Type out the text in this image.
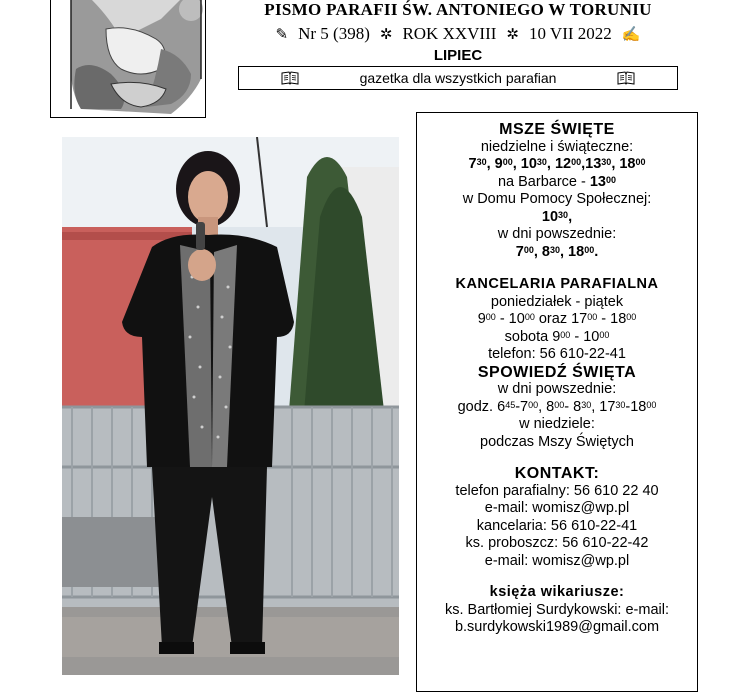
PISMO PARAFII ŚW. ANTONIEGO W TORUNIU
✎ Nr 5 (398) ✲ ROK XXVIII ✲ 10 VII 2022 ✍
LIPIEC
gazetka dla wszystkich parafian
MSZE ŚWIĘTE
niedzielne i świąteczne:
$7^{30}$, $9^{00}$, $10^{30}$, $12^{00},13^{30}$, $18^{00}$
na Barbarce - $13^{00}$
w Domu Pomocy Społecznej:
$10^{30}$,
w dni powszednie:
$7^{00}$, $8^{30}$, $18^{00}$.
KANCELARIA PARAFIALNA
poniedziałek - piątek
$9^{00} - 10^{00}$ oraz $17^{00} - 18^{00}$
sobota $9^{00} - 10^{00}$
telefon: 56 610-22-41
SPOWIEDŹ ŚWIĘTA
w dni powszednie:
godz. $6^{45}-7^{00}$, $8^{00}-$ $8^{30}$, $17^{30}-18^{00}$
w niedziele:
podczas Mszy Świętych
KONTAKT:
telefon parafialny: 56 610 22 40
e-mail: womisz@wp.pl
kancelaria: 56 610-22-41
ks. proboszcz: 56 610-22-42
e-mail: womisz@wp.pl
księża wikariusze:
ks. Bartłomiej Surdykowski: e-mail:
b.surdykowski1989@gmail.com
